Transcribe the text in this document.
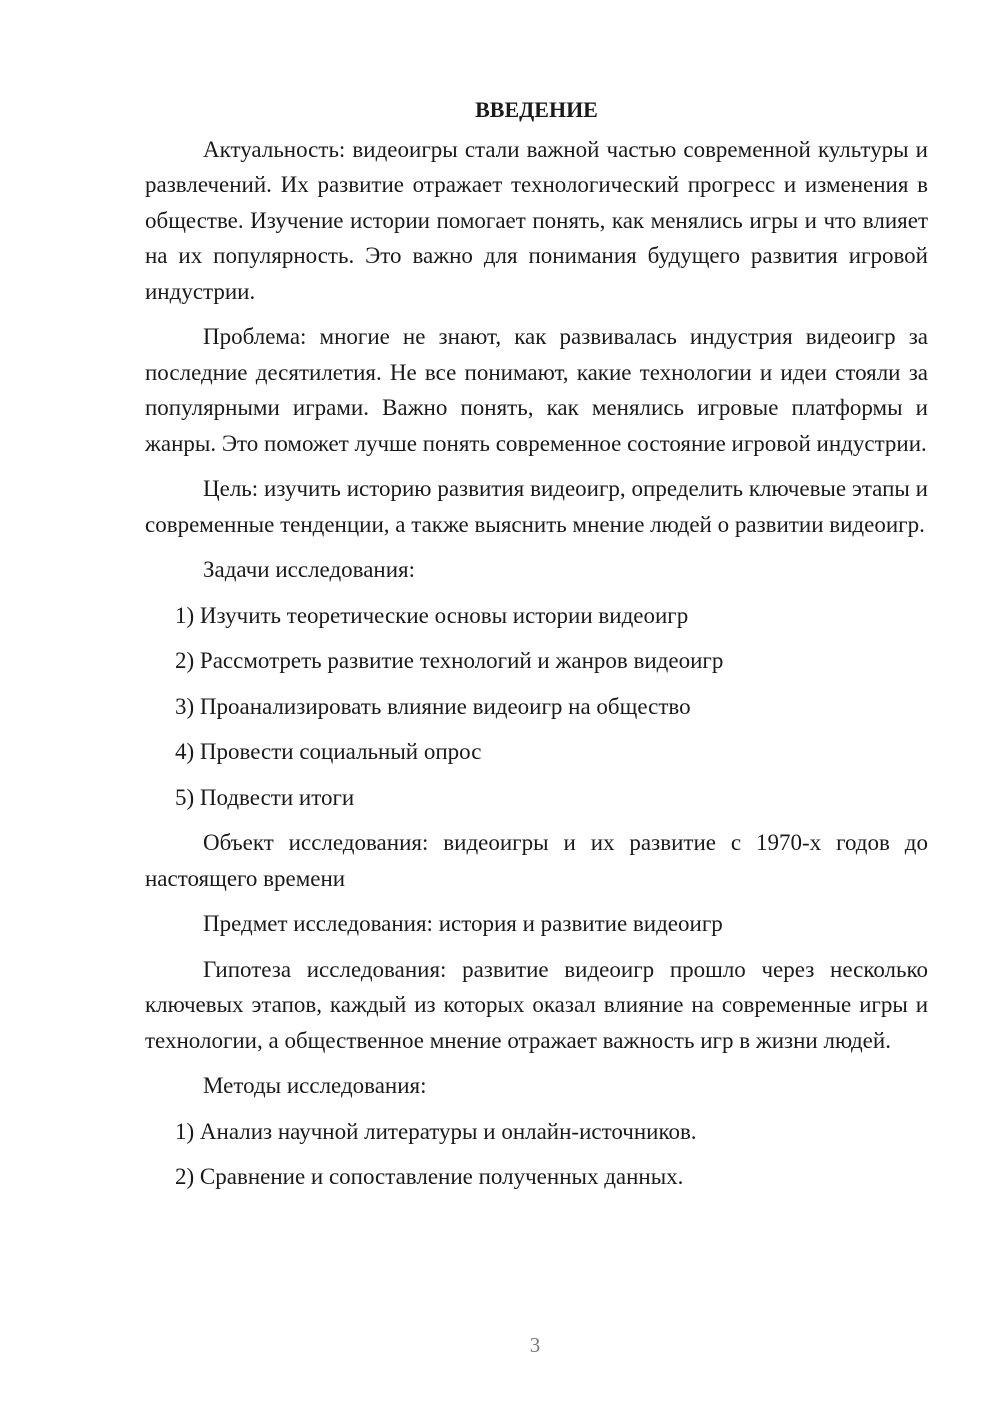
ВВЕДЕНИЕ

Актуальность: видеоигры стали важной частью современной культуры и развлечений. Их развитие отражает технологический прогресс и изменения в обществе. Изучение истории помогает понять, как менялись игры и что влияет на их популярность. Это важно для понимания будущего развития игровой индустрии.

Проблема: многие не знают, как развивалась индустрия видеоигр за последние десятилетия. Не все понимают, какие технологии и идеи стояли за популярными играми. Важно понять, как менялись игровые платформы и жанры. Это поможет лучше понять современное состояние игровой индустрии.

Цель: изучить историю развития видеоигр, определить ключевые этапы и современные тенденции, а также выяснить мнение людей о развитии видеоигр.

Задачи исследования:

1) Изучить теоретические основы истории видеоигр

2) Рассмотреть развитие технологий и жанров видеоигр

3) Проанализировать влияние видеоигр на общество

4) Провести социальный опрос

5) Подвести итоги

Объект исследования: видеоигры и их развитие с 1970-х годов до настоящего времени

Предмет исследования: история и развитие видеоигр

Гипотеза исследования: развитие видеоигр прошло через несколько ключевых этапов, каждый из которых оказал влияние на современные игры и технологии, а общественное мнение отражает важность игр в жизни людей.

Методы исследования:

1) Анализ научной литературы и онлайн-источников.

2) Сравнение и сопоставление полученных данных.

3
